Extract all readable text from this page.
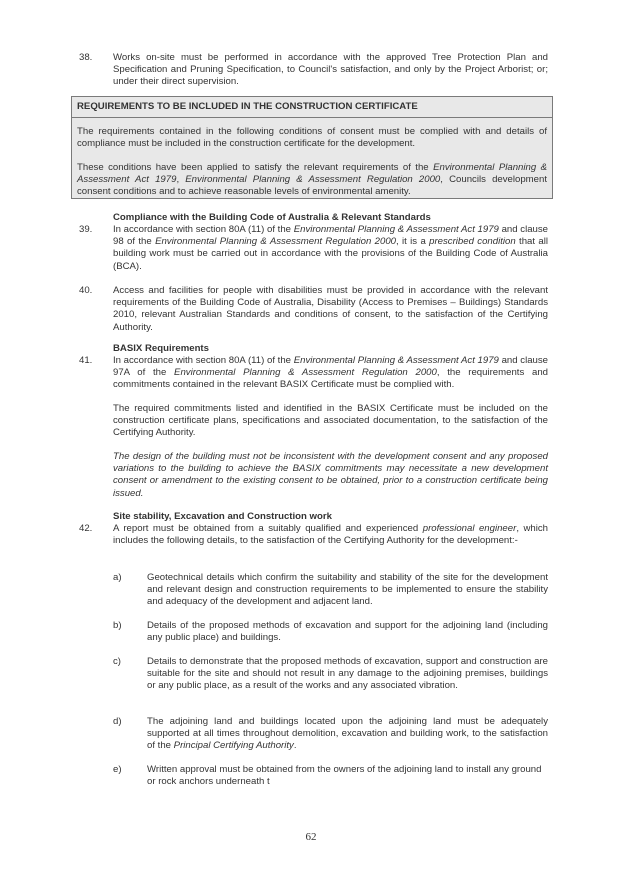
38. Works on-site must be performed in accordance with the approved Tree Protection Plan and Specification and Pruning Specification, to Council's satisfaction, and only by the Project Arborist; or; under their direct supervision.
REQUIREMENTS TO BE INCLUDED IN THE CONSTRUCTION CERTIFICATE
The requirements contained in the following conditions of consent must be complied with and details of compliance must be included in the construction certificate for the development.
These conditions have been applied to satisfy the relevant requirements of the Environmental Planning & Assessment Act 1979, Environmental Planning & Assessment Regulation 2000, Councils development consent conditions and to achieve reasonable levels of environmental amenity.
Compliance with the Building Code of Australia & Relevant Standards
39. In accordance with section 80A (11) of the Environmental Planning & Assessment Act 1979 and clause 98 of the Environmental Planning & Assessment Regulation 2000, it is a prescribed condition that all building work must be carried out in accordance with the provisions of the Building Code of Australia (BCA).
40. Access and facilities for people with disabilities must be provided in accordance with the relevant requirements of the Building Code of Australia, Disability (Access to Premises – Buildings) Standards 2010, relevant Australian Standards and conditions of consent, to the satisfaction of the Certifying Authority.
BASIX Requirements
41. In accordance with section 80A (11) of the Environmental Planning & Assessment Act 1979 and clause 97A of the Environmental Planning & Assessment Regulation 2000, the requirements and commitments contained in the relevant BASIX Certificate must be complied with.
The required commitments listed and identified in the BASIX Certificate must be included on the construction certificate plans, specifications and associated documentation, to the satisfaction of the Certifying Authority.
The design of the building must not be inconsistent with the development consent and any proposed variations to the building to achieve the BASIX commitments may necessitate a new development consent or amendment to the existing consent to be obtained, prior to a construction certificate being issued.
Site stability, Excavation and Construction work
42. A report must be obtained from a suitably qualified and experienced professional engineer, which includes the following details, to the satisfaction of the Certifying Authority for the development:-
a)	Geotechnical details which confirm the suitability and stability of the site for the development and relevant design and construction requirements to be implemented to ensure the stability and adequacy of the development and adjacent land.
b)	Details of the proposed methods of excavation and support for the adjoining land (including any public place) and buildings.
c)	Details to demonstrate that the proposed methods of excavation, support and construction are suitable for the site and should not result in any damage to the adjoining premises, buildings or any public place, as a result of the works and any associated vibration.
d)	The adjoining land and buildings located upon the adjoining land must be adequately supported at all times throughout demolition, excavation and building work, to the satisfaction of the Principal Certifying Authority.
e)	Written approval must be obtained from the owners of the adjoining land to install any ground or rock anchors underneath t
62
